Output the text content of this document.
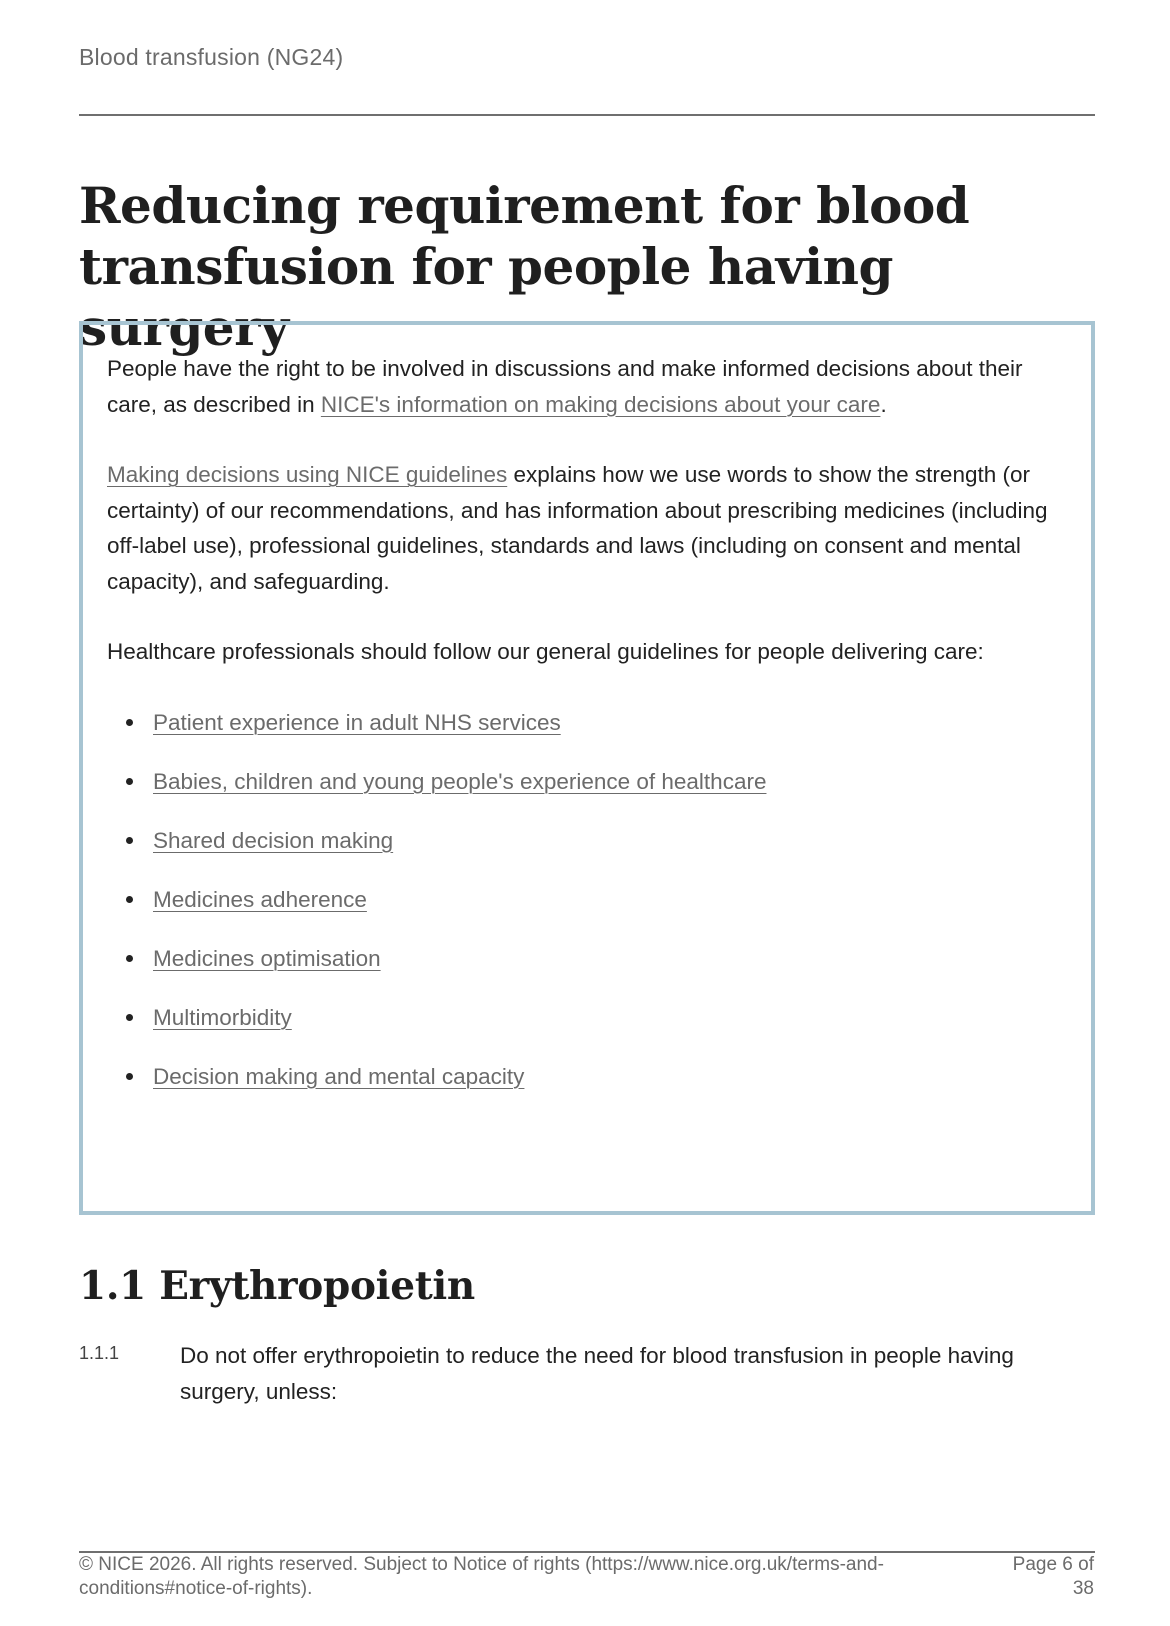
Blood transfusion (NG24)
Reducing requirement for blood transfusion for people having surgery

People have the right to be involved in discussions and make informed decisions about their care, as described in NICE's information on making decisions about your care.

Making decisions using NICE guidelines explains how we use words to show the strength (or certainty) of our recommendations, and has information about prescribing medicines (including off-label use), professional guidelines, standards and laws (including on consent and mental capacity), and safeguarding.

Healthcare professionals should follow our general guidelines for people delivering care:

Patient experience in adult NHS services
Babies, children and young people's experience of healthcare
Shared decision making
Medicines adherence
Medicines optimisation
Multimorbidity
Decision making and mental capacity
1.1 Erythropoietin
1.1.1	Do not offer erythropoietin to reduce the need for blood transfusion in people having surgery, unless:

© NICE 2026. All rights reserved. Subject to Notice of rights (https://www.nice.org.uk/terms-and-conditions#notice-of-rights).
Page 6 of 38
